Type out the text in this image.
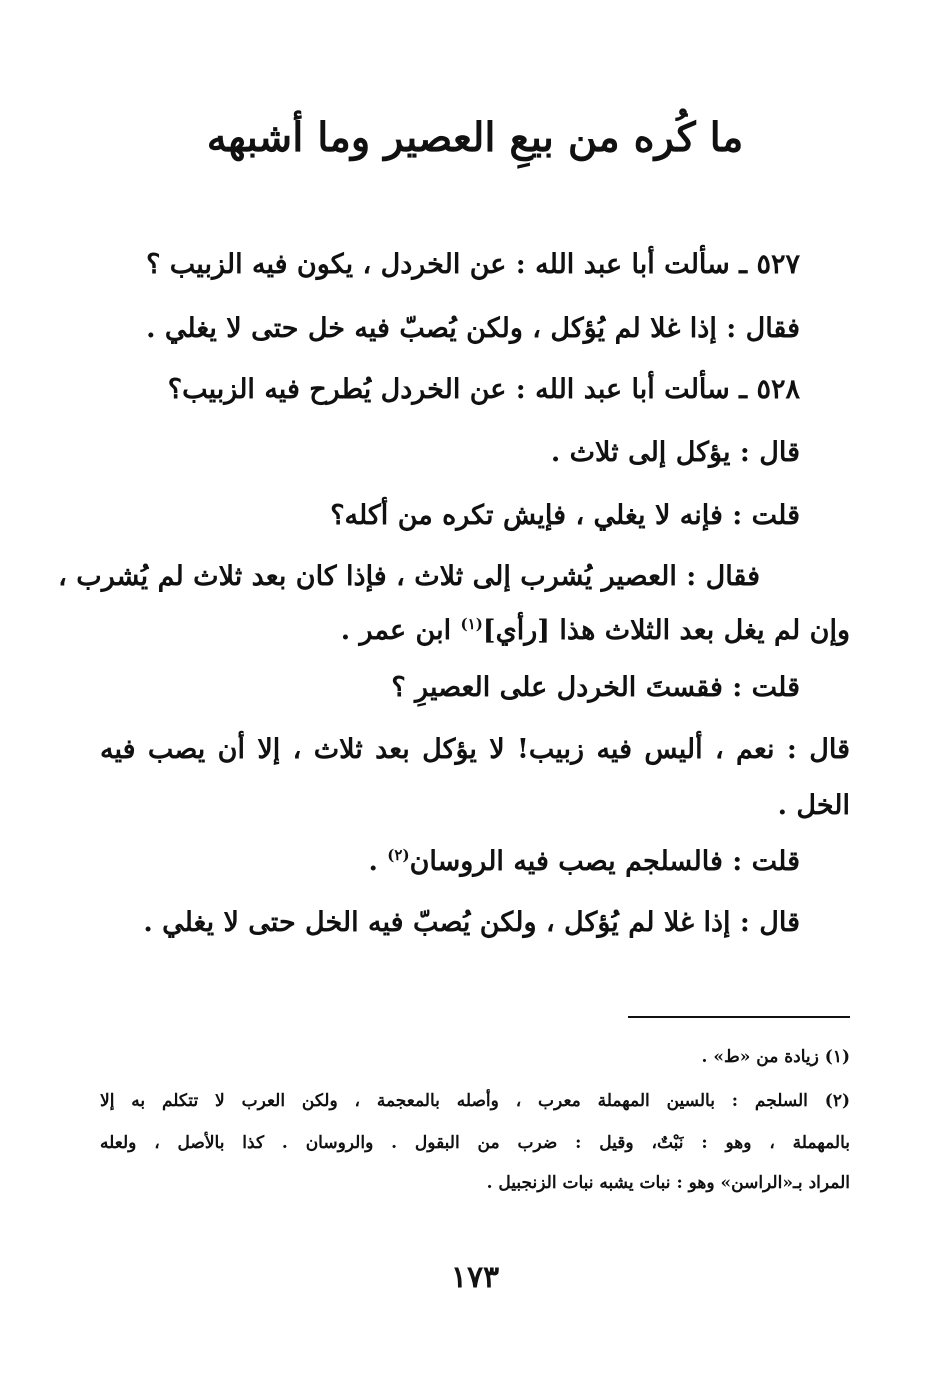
ما كُره من بيعِ العصير وما أشبهه

٥٢٧ ـ سألت أبا عبد الله : عن الخردل ، يكون فيه الزبيب ؟

فقال : إذا غلا لم يُؤكل ، ولكن يُصبّ فيه خل حتى لا يغلي .

٥٢٨ ـ سألت أبا عبد الله : عن الخردل يُطرح فيه الزبيب؟

قال : يؤكل إلى ثلاث .

قلت : فإنه لا يغلي ، فإيش تكره من أكله؟

فقال : العصير يُشرب إلى ثلاث ، فإذا كان بعد ثلاث لم يُشرب ،

وإن لم يغل بعد الثلاث هذا [رأي]$^{(١)}$ ابن عمر .

قلت : فقستَ الخردل على العصيرِ ؟

قال : نعم ، أليس فيه زبيب! لا يؤكل بعد ثلاث ، إلا أن يصب فيه

الخل .

قلت : فالسلجم يصب فيه الروسان$^{(٢)}$ .

قال : إذا غلا لم يُؤكل ، ولكن يُصبّ فيه الخل حتى لا يغلي .

(١) زيادة من «ط» .

(٢) السلجم : بالسين المهملة معرب ، وأصله بالمعجمة ، ولكن العرب لا تتكلم به إلا

بالمهملة ، وهو : نَبْتٌ، وقيل : ضرب من البقول . والروسان . كذا بالأصل ، ولعله

المراد بـ«الراسن» وهو : نبات يشبه نبات الزنجبيل .

١٧٣
